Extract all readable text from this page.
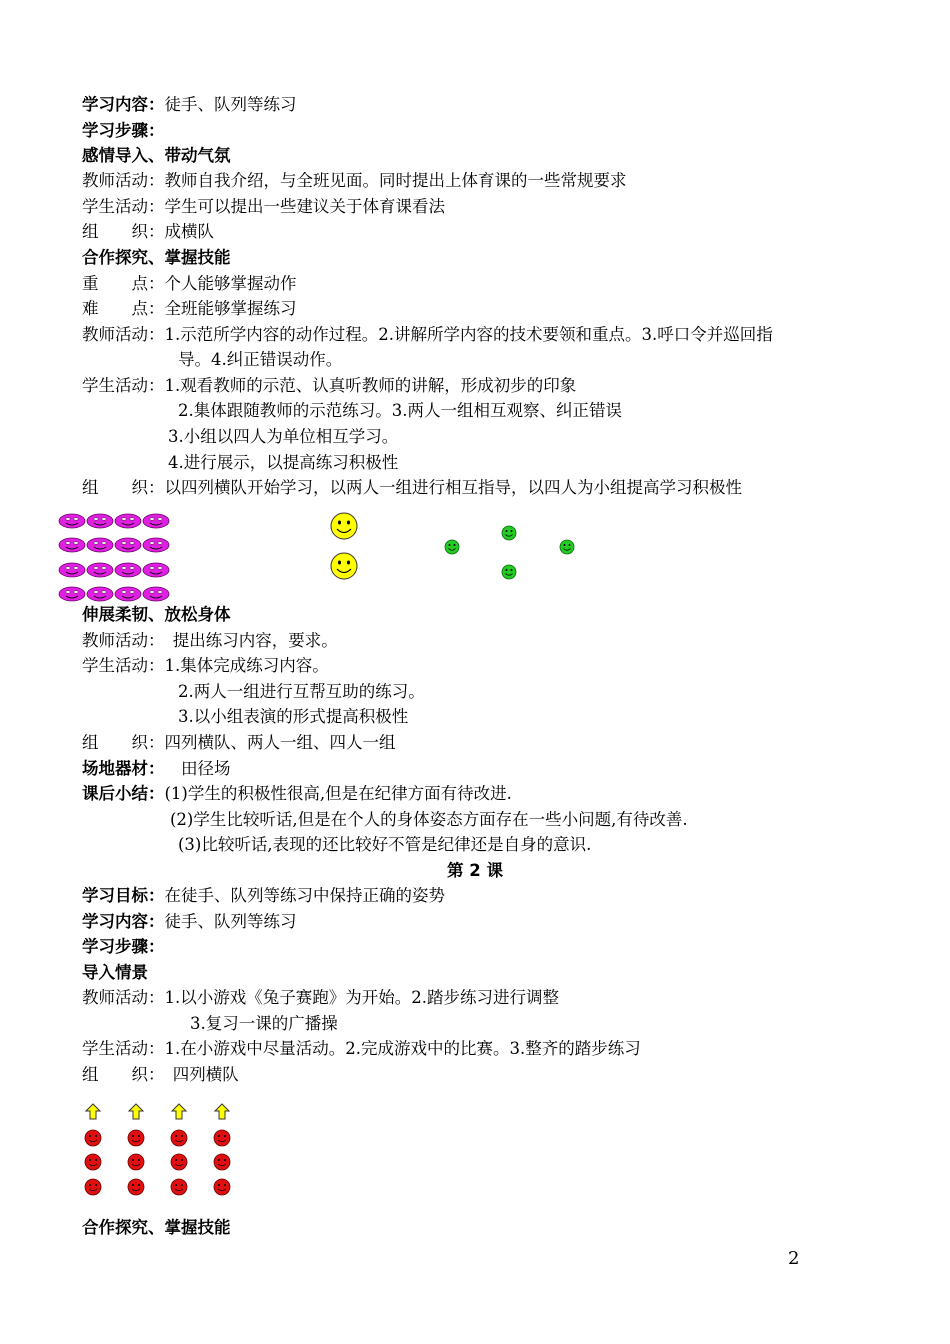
学习内容：徒手、队列等练习
学习步骤：
感情导入、带动气氛
教师活动：教师自我介绍，与全班见面。同时提出上体育课的一些常规要求
学生活动：学生可以提出一些建议关于体育课看法
组　　织：成横队
合作探究、掌握技能
重　　点：个人能够掌握动作
难　　点：全班能够掌握练习
教师活动：1.示范所学内容的动作过程。2.讲解所学内容的技术要领和重点。3.呼口令并巡回指
导。4.纠正错误动作。
学生活动：1.观看教师的示范、认真听教师的讲解，形成初步的印象
2.集体跟随教师的示范练习。3.两人一组相互观察、纠正错误
3.小组以四人为单位相互学习。
4.进行展示，以提高练习积极性
组　　织：以四列横队开始学习，以两人一组进行相互指导，以四人为小组提高学习积极性
伸展柔韧、放松身体
教师活动：　提出练习内容，要求。
学生活动：1.集体完成练习内容。
2.两人一组进行互帮互助的练习。
3.以小组表演的形式提高积极性
组　　织：四列横队、两人一组、四人一组
场地器材：　田径场
课后小结：(1)学生的积极性很高,但是在纪律方面有待改进.
(2)学生比较听话,但是在个人的身体姿态方面存在一些小问题,有待改善.
(3)比较听话,表现的还比较好不管是纪律还是自身的意识.
第 2 课
学习目标：在徒手、队列等练习中保持正确的姿势
学习内容：徒手、队列等练习
学习步骤：
导入情景
教师活动：1.以小游戏《兔子赛跑》为开始。2.踏步练习进行调整
3.复习一课的广播操
学生活动：1.在小游戏中尽量活动。2.完成游戏中的比赛。3.整齐的踏步练习
组　　织：　四列横队
合作探究、掌握技能
2
